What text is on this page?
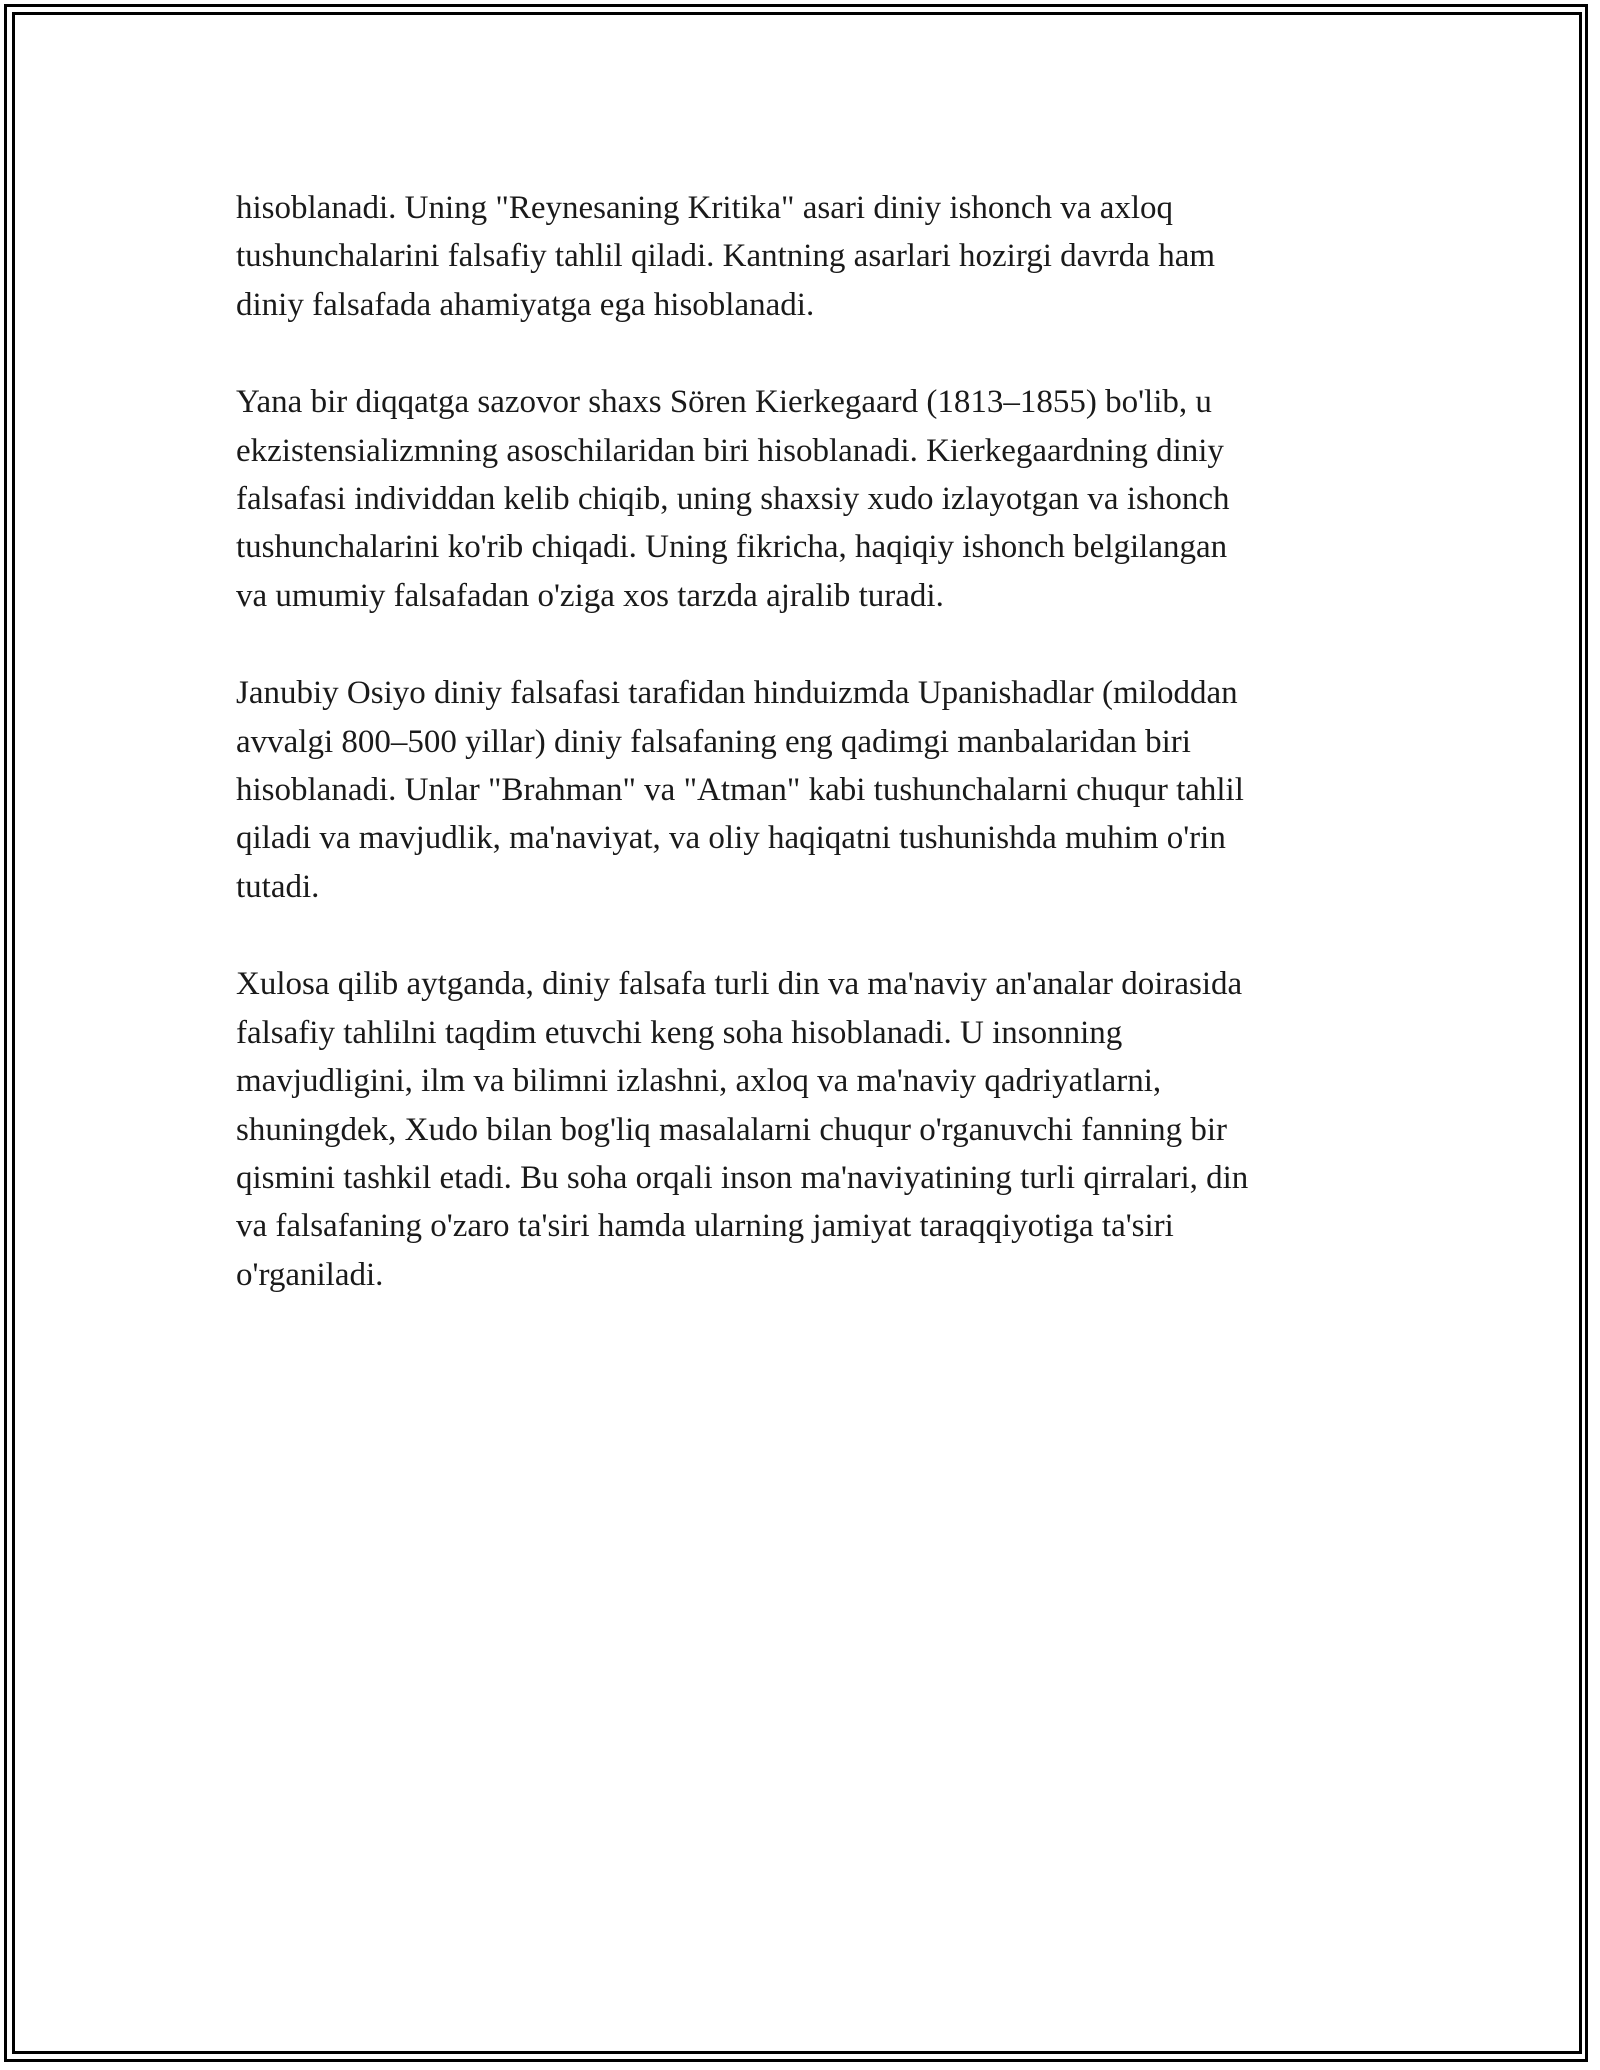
hisoblanadi. Uning "Reynesaning Kritika" asari diniy ishonch va axloq
tushunchalarini falsafiy tahlil qiladi. Kantning asarlari hozirgi davrda ham
diniy falsafada ahamiyatga ega hisoblanadi.

Yana bir diqqatga sazovor shaxs Sören Kierkegaard (1813–1855) bo'lib, u
ekzistensializmning asoschilaridan biri hisoblanadi. Kierkegaardning diniy
falsafasi individdan kelib chiqib, uning shaxsiy xudo izlayotgan va ishonch
tushunchalarini ko'rib chiqadi. Uning fikricha, haqiqiy ishonch belgilangan
va umumiy falsafadan o'ziga xos tarzda ajralib turadi.

Janubiy Osiyo diniy falsafasi tarafidan hinduizmda Upanishadlar (miloddan
avvalgi 800–500 yillar) diniy falsafaning eng qadimgi manbalaridan biri
hisoblanadi. Unlar "Brahman" va "Atman" kabi tushunchalarni chuqur tahlil
qiladi va mavjudlik, ma'naviyat, va oliy haqiqatni tushunishda muhim o'rin
tutadi.

Xulosa qilib aytganda, diniy falsafa turli din va ma'naviy an'analar doirasida
falsafiy tahlilni taqdim etuvchi keng soha hisoblanadi. U insonning
mavjudligini, ilm va bilimni izlashni, axloq va ma'naviy qadriyatlarni,
shuningdek, Xudo bilan bog'liq masalalarni chuqur o'rganuvchi fanning bir
qismini tashkil etadi. Bu soha orqali inson ma'naviyatining turli qirralari, din
va falsafaning o'zaro ta'siri hamda ularning jamiyat taraqqiyotiga ta'siri
o'rganiladi.
